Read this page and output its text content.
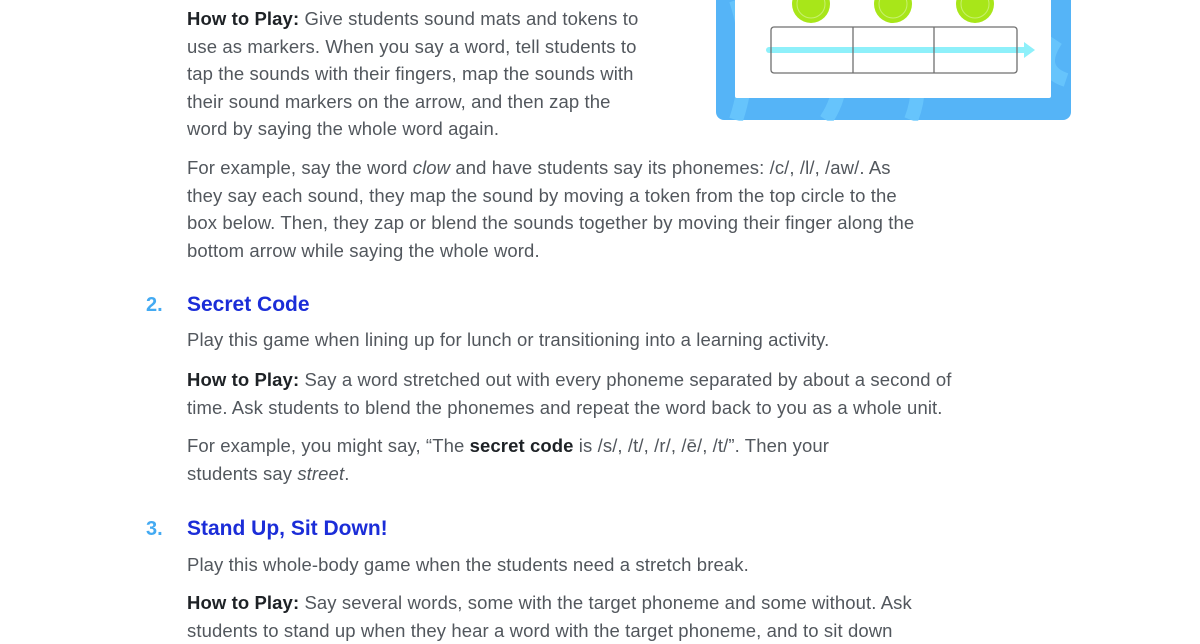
How to Play: Give students sound mats and tokens to
use as markers. When you say a word, tell students to
tap the sounds with their fingers, map the sounds with
their sound markers on the arrow, and then zap the
word by saying the whole word again.
For example, say the word clow and have students say its phonemes: /c/, /l/, /aw/. As
they say each sound, they map the sound by moving a token from the top circle to the
box below. Then, they zap or blend the sounds together by moving their finger along the
bottom arrow while saying the whole word.
2.	Secret Code
Play this game when lining up for lunch or transitioning into a learning activity.
How to Play: Say a word stretched out with every phoneme separated by about a second of
time. Ask students to blend the phonemes and repeat the word back to you as a whole unit.
For example, you might say, “The secret code is /s/, /t/, /r/, /ē/, /t/”. Then your
students say street.
3.	Stand Up, Sit Down!
Play this whole-body game when the students need a stretch break.
How to Play: Say several words, some with the target phoneme and some without. Ask
students to stand up when they hear a word with the target phoneme, and to sit down
